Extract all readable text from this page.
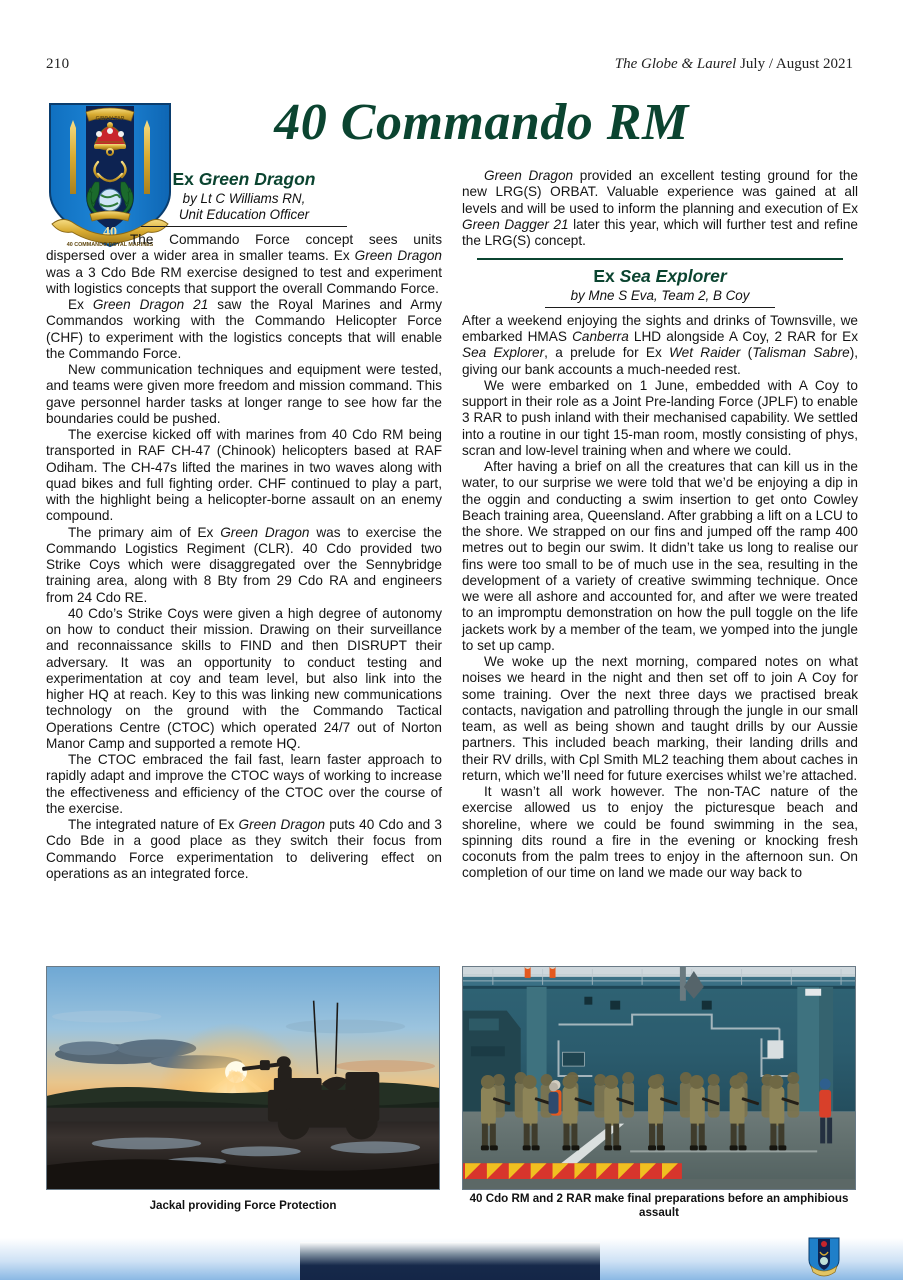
210	The Globe & Laurel July / August 2021
GIBRALTAR
40
40 COMMANDO ROYAL MARINES
40 Commando RM
Ex Green Dragon
by Lt C Williams RN,
Unit Education Officer

The Commando Force concept sees units dispersed over a wider area in smaller teams. Ex Green Dragon was a 3 Cdo Bde RM exercise designed to test and experiment with logistics concepts that support the overall Commando Force.

Ex Green Dragon 21 saw the Royal Marines and Army Commandos working with the Commando Helicopter Force (CHF) to experiment with the logistics concepts that will enable the Commando Force.

New communication techniques and equipment were tested, and teams were given more freedom and mission command. This gave personnel harder tasks at longer range to see how far the boundaries could be pushed.

The exercise kicked off with marines from 40 Cdo RM being transported in RAF CH-47 (Chinook) helicopters based at RAF Odiham. The CH-47s lifted the marines in two waves along with quad bikes and full fighting order. CHF continued to play a part, with the highlight being a helicopter-borne assault on an enemy compound.

The primary aim of Ex Green Dragon was to exercise the Commando Logistics Regiment (CLR). 40 Cdo provided two Strike Coys which were disaggregated over the Sennybridge training area, along with 8 Bty from 29 Cdo RA and engineers from 24 Cdo RE.

40 Cdo’s Strike Coys were given a high degree of autonomy on how to conduct their mission. Drawing on their surveillance and reconnaissance skills to FIND and then DISRUPT their adversary. It was an opportunity to conduct testing and experimentation at coy and team level, but also link into the higher HQ at reach. Key to this was linking new communications technology on the ground with the Commando Tactical Operations Centre (CTOC) which operated 24/7 out of Norton Manor Camp and supported a remote HQ.

The CTOC embraced the fail fast, learn faster approach to rapidly adapt and improve the CTOC ways of working to increase the effectiveness and efficiency of the CTOC over the course of the exercise.

The integrated nature of Ex Green Dragon puts 40 Cdo and 3 Cdo Bde in a good place as they switch their focus from Commando Force experimentation to delivering effect on operations as an integrated force.

Green Dragon provided an excellent testing ground for the new LRG(S) ORBAT. Valuable experience was gained at all levels and will be used to inform the planning and execution of Ex Green Dagger 21 later this year, which will further test and refine the LRG(S) concept.

Ex Sea Explorer
by Mne S Eva, Team 2, B Coy

After a weekend enjoying the sights and drinks of Townsville, we embarked HMAS Canberra LHD alongside A Coy, 2 RAR for Ex Sea Explorer, a prelude for Ex Wet Raider (Talisman Sabre), giving our bank accounts a much-needed rest.

We were embarked on 1 June, embedded with A Coy to support in their role as a Joint Pre-landing Force (JPLF) to enable 3 RAR to push inland with their mechanised capability. We settled into a routine in our tight 15-man room, mostly consisting of phys, scran and low-level training when and where we could.

After having a brief on all the creatures that can kill us in the water, to our surprise we were told that we’d be enjoying a dip in the oggin and conducting a swim insertion to get onto Cowley Beach training area, Queensland. After grabbing a lift on a LCU to the shore. We strapped on our fins and jumped off the ramp 400 metres out to begin our swim. It didn’t take us long to realise our fins were too small to be of much use in the sea, resulting in the development of a variety of creative swimming technique. Once we were all ashore and accounted for, and after we were treated to an impromptu demonstration on how the pull toggle on the life jackets work by a member of the team, we yomped into the jungle to set up camp.

We woke up the next morning, compared notes on what noises we heard in the night and then set off to join A Coy for some training. Over the next three days we practised break contacts, navigation and patrolling through the jungle in our small team, as well as being shown and taught drills by our Aussie partners. This included beach marking, their landing drills and their RV drills, with Cpl Smith ML2 teaching them about caches in return, which we’ll need for future exercises whilst we’re attached.

It wasn’t all work however. The non-TAC nature of the exercise allowed us to enjoy the picturesque beach and shoreline, where we could be found swimming in the sea, spinning dits round a fire in the evening or knocking fresh coconuts from the palm trees to enjoy in the afternoon sun. On completion of our time on land we made our way back to

Jackal providing Force Protection
40 Cdo RM and 2 RAR make final preparations before an amphibious assault
